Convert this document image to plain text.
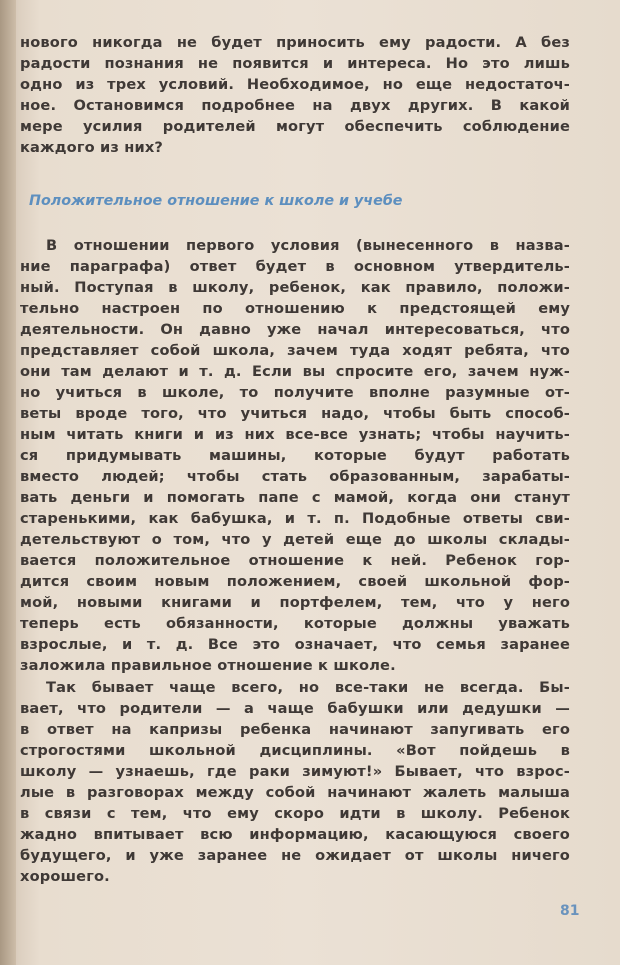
нового никогда не будет приносить ему радости. А без
радости познания не появится и интереса. Но это лишь
одно из трех условий. Необходимое, но еще недостаточ-
ное. Остановимся подробнее на двух других. В какой
мере усилия родителей могут обеспечить соблюдение
каждого из них?
Положительное отношение к школе и учебе
В отношении первого условия (вынесенного в назва-
ние параграфа) ответ будет в основном утвердитель-
ный. Поступая в школу, ребенок, как правило, положи-
тельно настроен по отношению к предстоящей ему
деятельности. Он давно уже начал интересоваться, что
представляет собой школа, зачем туда ходят ребята, что
они там делают и т. д. Если вы спросите его, зачем нуж-
но учиться в школе, то получите вполне разумные от-
веты вроде того, что учиться надо, чтобы быть способ-
ным читать книги и из них все-все узнать; чтобы научить-
ся придумывать машины, которые будут работать
вместо людей; чтобы стать образованным, зарабаты-
вать деньги и помогать папе с мамой, когда они станут
старенькими, как бабушка, и т. п. Подобные ответы сви-
детельствуют о том, что у детей еще до школы склады-
вается положительное отношение к ней. Ребенок гор-
дится своим новым положением, своей школьной фор-
мой, новыми книгами и портфелем, тем, что у него
теперь есть обязанности, которые должны уважать
взрослые, и т. д. Все это означает, что семья заранее
заложила правильное отношение к школе.
Так бывает чаще всего, но все-таки не всегда. Бы-
вает, что родители — а чаще бабушки или дедушки —
в ответ на капризы ребенка начинают запугивать его
строгостями школьной дисциплины. «Вот пойдешь в
школу — узнаешь, где раки зимуют!» Бывает, что взрос-
лые в разговорах между собой начинают жалеть малыша
в связи с тем, что ему скоро идти в школу. Ребенок
жадно впитывает всю информацию, касающуюся своего
будущего, и уже заранее не ожидает от школы ничего
хорошего.
81
